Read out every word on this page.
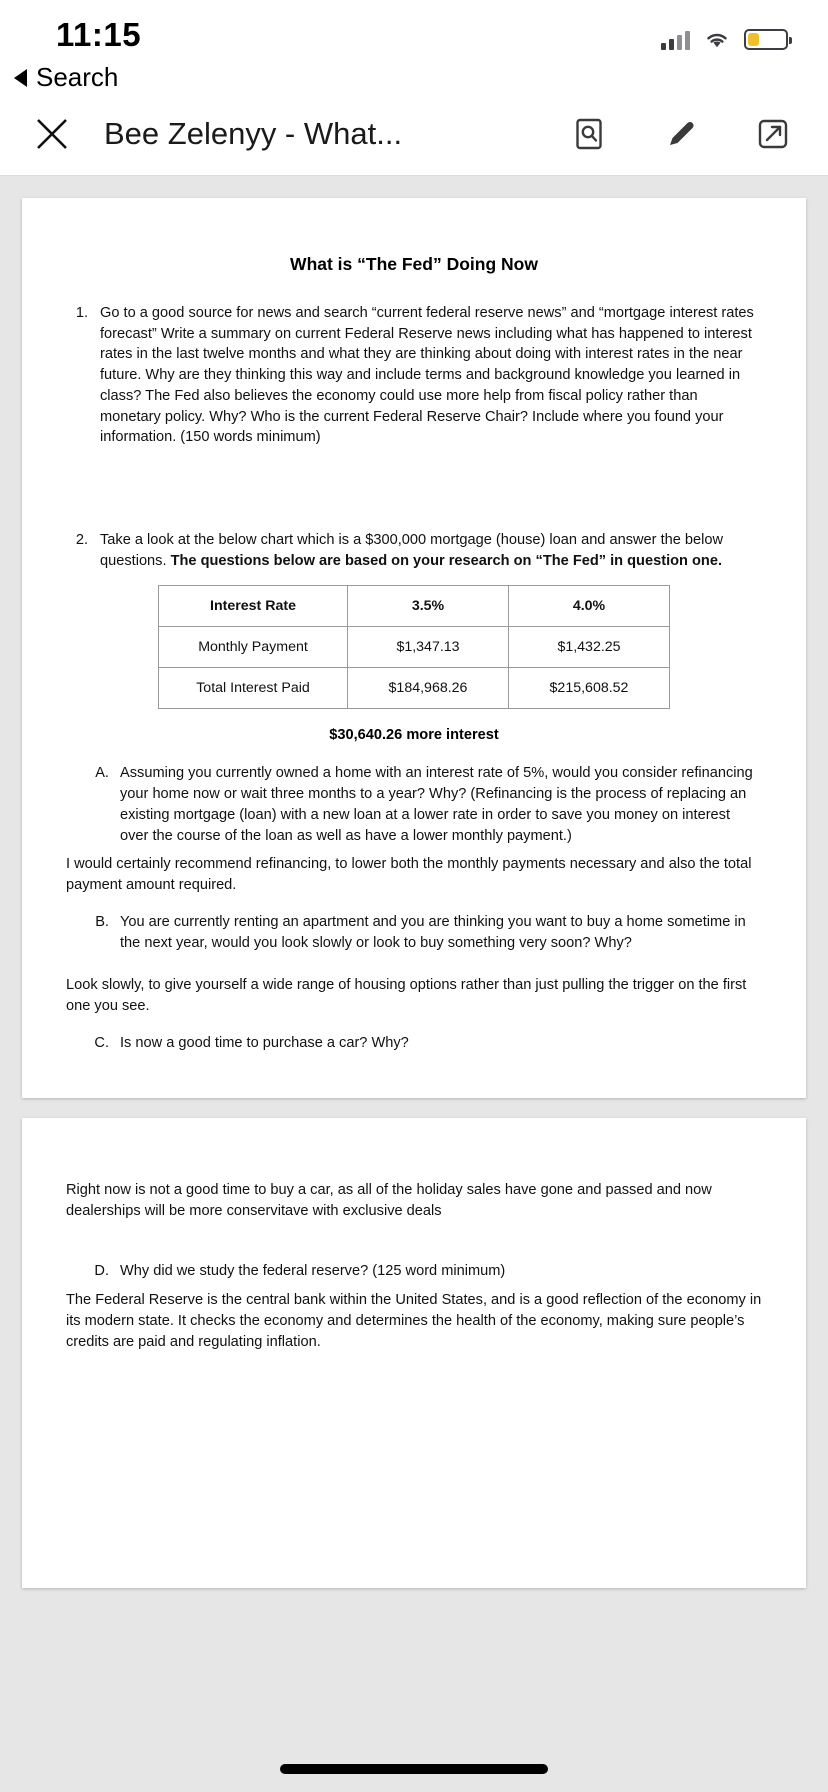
11:15
Search
Bee Zelenyy - What...
What is “The Fed” Doing Now
1. Go to a good source for news and search “current federal reserve news” and “mortgage interest rates forecast” Write a summary on current Federal Reserve news including what has happened to interest rates in the last twelve months and what they are thinking about doing with interest rates in the near future. Why are they thinking this way and include terms and background knowledge you learned in class? The Fed also believes the economy could use more help from fiscal policy rather than monetary policy. Why? Who is the current Federal Reserve Chair? Include where you found your information. (150 words minimum)
2. Take a look at the below chart which is a $300,000 mortgage (house) loan and answer the below questions. The questions below are based on your research on “The Fed” in question one.
Interest Rate	3.5%	4.0%
Monthly Payment	$1,347.13	$1,432.25
Total Interest Paid	$184,968.26	$215,608.52
$30,640.26 more interest
A. Assuming you currently owned a home with an interest rate of 5%, would you consider refinancing your home now or wait three months to a year? Why? (Refinancing is the process of replacing an existing mortgage (loan) with a new loan at a lower rate in order to save you money on interest over the course of the loan as well as have a lower monthly payment.)
I would certainly recommend refinancing, to lower both the monthly payments necessary and also the total payment amount required.
B. You are currently renting an apartment and you are thinking you want to buy a home sometime in the next year, would you look slowly or look to buy something very soon? Why?
Look slowly, to give yourself a wide range of housing options rather than just pulling the trigger on the first one you see.
C. Is now a good time to purchase a car? Why?
Right now is not a good time to buy a car, as all of the holiday sales have gone and passed and now dealerships will be more conservitave with exclusive deals
D. Why did we study the federal reserve? (125 word minimum)
The Federal Reserve is the central bank within the United States, and is a good reflection of the economy in its modern state. It checks the economy and determines the health of the economy, making sure people’s credits are paid and regulating inflation.
